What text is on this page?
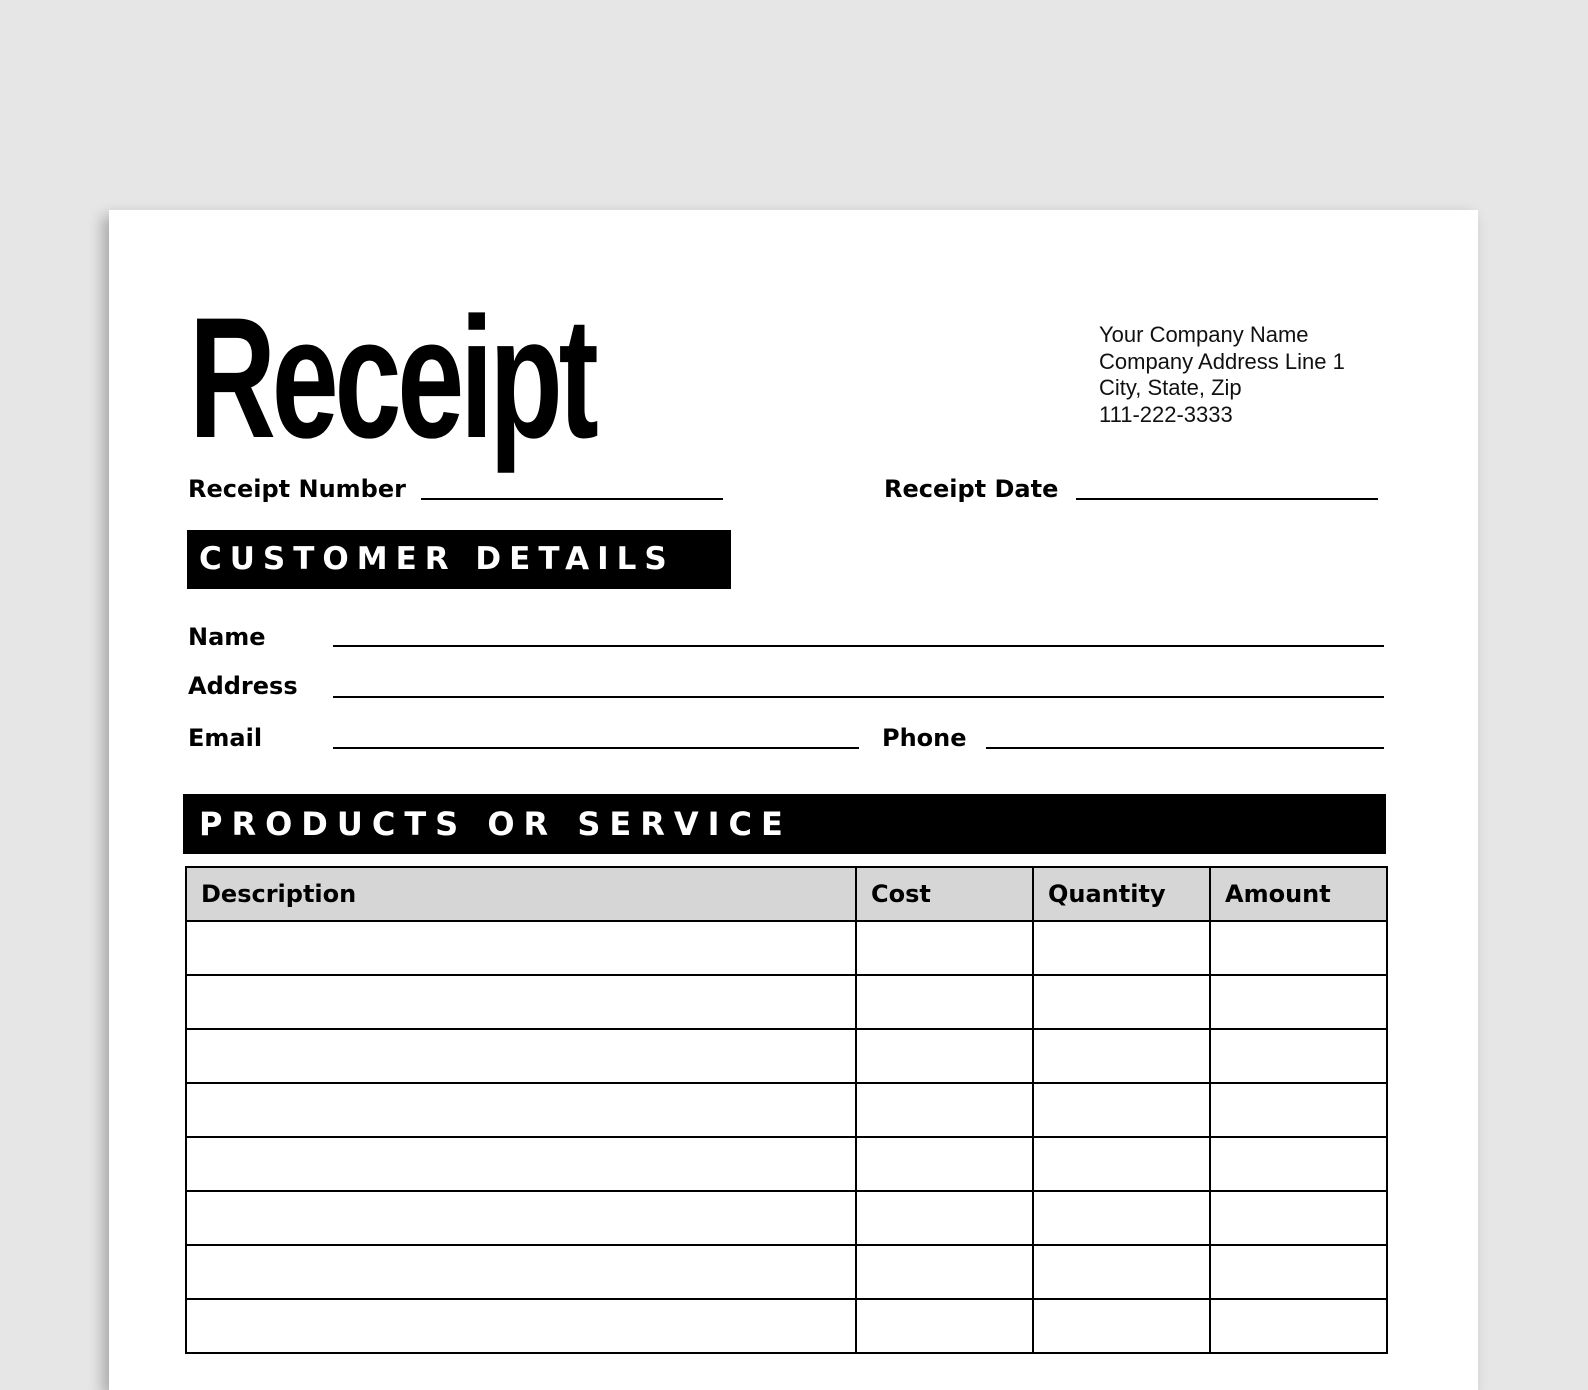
Receipt	Your Company Name
Company Address Line 1
City, State, Zip
111-222-3333
Receipt Number	Receipt Date
CUSTOMER DETAILS
Name
Address
Email	Phone
PRODUCTS OR SERVICE
Description	Cost	Quantity	Amount
